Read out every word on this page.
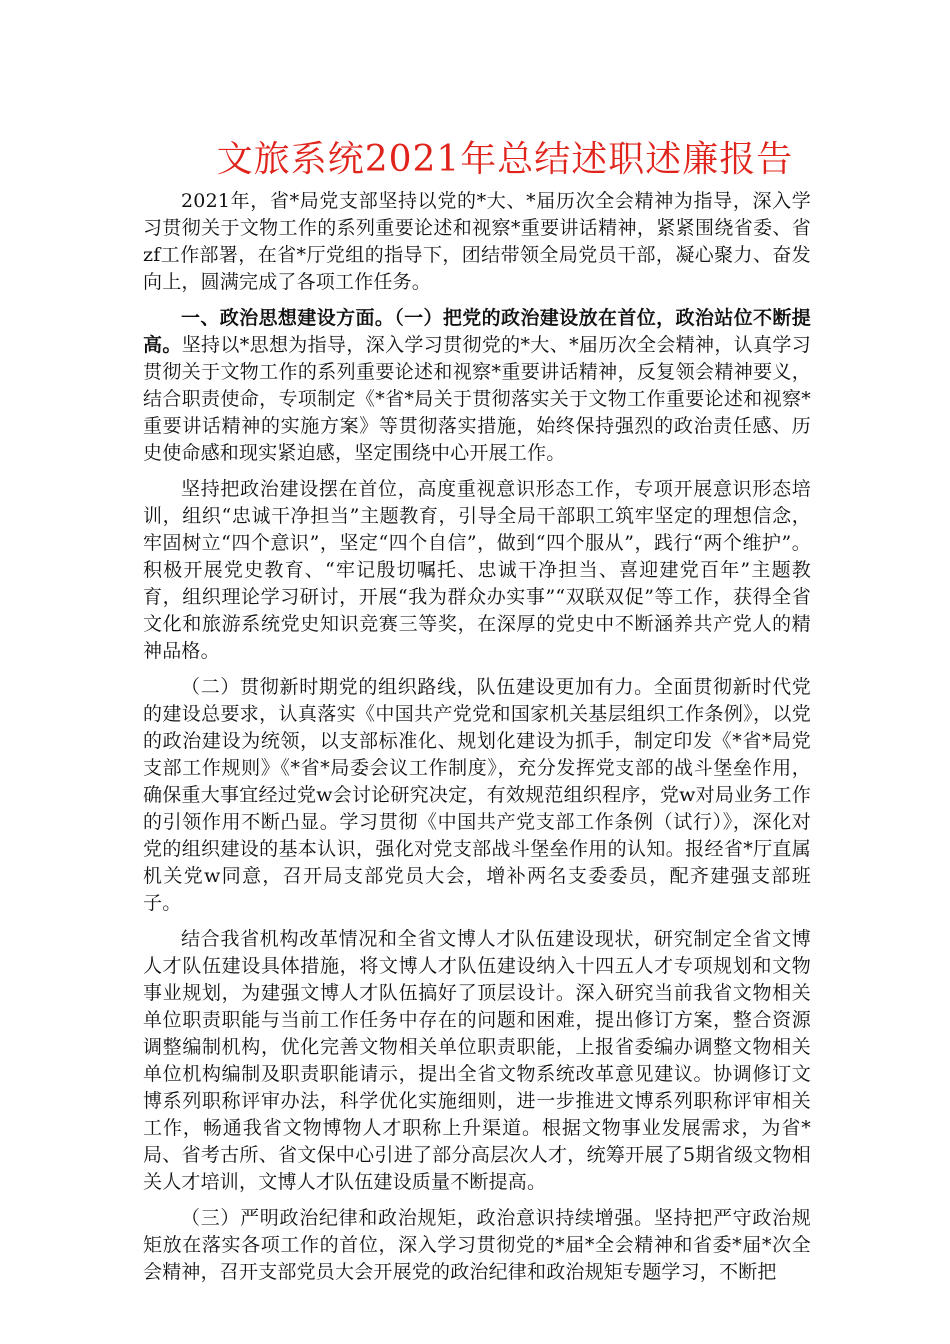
文旅系统2021年总结述职述廉报告

2021年，省*局党支部坚持以党的*大、*届历次全会精神为指导，深入学习贯彻关于文物工作的系列重要论述和视察*重要讲话精神，紧紧围绕省委、省zf工作部署，在省*厅党组的指导下，团结带领全局党员干部，凝心聚力、奋发向上，圆满完成了各项工作任务。

一、政治思想建设方面。（一）把党的政治建设放在首位，政治站位不断提高。坚持以*思想为指导，深入学习贯彻党的*大、*届历次全会精神，认真学习贯彻关于文物工作的系列重要论述和视察*重要讲话精神，反复领会精神要义，结合职责使命，专项制定《*省*局关于贯彻落实关于文物工作重要论述和视察*重要讲话精神的实施方案》等贯彻落实措施，始终保持强烈的政治责任感、历史使命感和现实紧迫感，坚定围绕中心开展工作。

坚持把政治建设摆在首位，高度重视意识形态工作，专项开展意识形态培训，组织“忠诚干净担当”主题教育，引导全局干部职工筑牢坚定的理想信念，牢固树立“四个意识”，坚定“四个自信”，做到“四个服从”，践行“两个维护”。积极开展党史教育、“牢记殷切嘱托、忠诚干净担当、喜迎建党百年”主题教育，组织理论学习研讨，开展“我为群众办实事”“双联双促”等工作，获得全省文化和旅游系统党史知识竞赛三等奖，在深厚的党史中不断涵养共产党人的精神品格。

（二）贯彻新时期党的组织路线，队伍建设更加有力。全面贯彻新时代党的建设总要求，认真落实《中国共产党党和国家机关基层组织工作条例》，以党的政治建设为统领，以支部标准化、规划化建设为抓手，制定印发《*省*局党支部工作规则》《*省*局委会议工作制度》，充分发挥党支部的战斗堡垒作用，确保重大事宜经过党w会讨论研究决定，有效规范组织程序，党w对局业务工作的引领作用不断凸显。学习贯彻《中国共产党支部工作条例（试行）》，深化对党的组织建设的基本认识，强化对党支部战斗堡垒作用的认知。报经省*厅直属机关党w同意，召开局支部党员大会，增补两名支委委员，配齐建强支部班子。

结合我省机构改革情况和全省文博人才队伍建设现状，研究制定全省文博人才队伍建设具体措施，将文博人才队伍建设纳入十四五人才专项规划和文物事业规划，为建强文博人才队伍搞好了顶层设计。深入研究当前我省文物相关单位职责职能与当前工作任务中存在的问题和困难，提出修订方案，整合资源调整编制机构，优化完善文物相关单位职责职能，上报省委编办调整文物相关单位机构编制及职责职能请示，提出全省文物系统改革意见建议。协调修订文博系列职称评审办法，科学优化实施细则，进一步推进文博系列职称评审相关工作，畅通我省文物博物人才职称上升渠道。根据文物事业发展需求，为省*局、省考古所、省文保中心引进了部分高层次人才，统筹开展了5期省级文物相关人才培训，文博人才队伍建设质量不断提高。

（三）严明政治纪律和政治规矩，政治意识持续增强。坚持把严守政治规矩放在落实各项工作的首位，深入学习贯彻党的*届*全会精神和省委*届*次全会精神，召开支部党员大会开展党的政治纪律和政治规矩专题学习，不断把
